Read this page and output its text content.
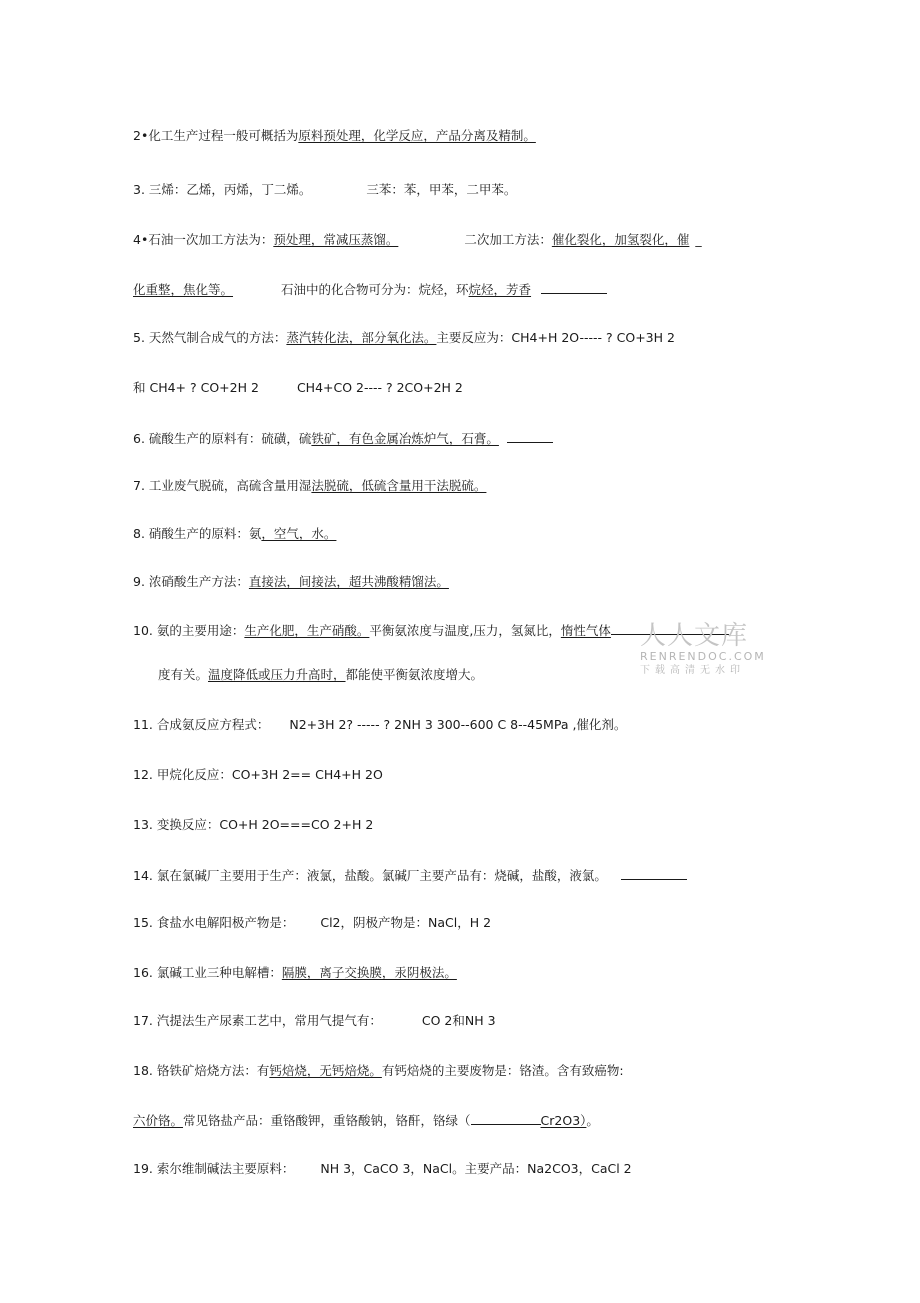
2•化工生产过程一般可概括为原料预处理，化学反应，产品分离及精制。
3. 三烯：乙烯，丙烯，丁二烯。	三苯：苯，甲苯，二甲苯。
4•石油一次加工方法为：预处理，常减压蒸馏。	二次加工方法：催化裂化，加氢裂化，催 _
化重整，焦化等。	石油中的化合物可分为：烷烃，环烷烃，芳香
5. 天然气制合成气的方法：蒸汽转化法，部分氧化法。主要反应为：CH4+H 2O----- ? CO+3H 2
和 CH4+ ? CO+2H 2	CH4+CO 2---- ? 2CO+2H 2
6. 硫酸生产的原料有：硫磺，硫铁矿，有色金属冶炼炉气，石膏。
7. 工业废气脱硫，高硫含量用湿法脱硫，低硫含量用干法脱硫。
8. 硝酸生产的原料：氨，空气，水。
9. 浓硝酸生产方法：直接法，间接法，超共沸酸精馏法。
10. 氨的主要用途：生产化肥，生产硝酸。平衡氨浓度与温度,压力，氢氮比，惰性气体
度有关。温度降低或压力升高时，都能使平衡氨浓度增大。
11. 合成氨反应方程式： N2+3H 2? ----- ? 2NH 3 300--600 C 8--45MPa ,催化剂。
12. 甲烷化反应：CO+3H 2== CH4+H 2O
13. 变换反应：CO+H 2O===CO 2+H 2
14. 氯在氯碱厂主要用于生产：液氯，盐酸。氯碱厂主要产品有：烧碱，盐酸，液氯。
15. 食盐水电解阳极产物是： Cl2，阴极产物是：NaCl，H 2
16. 氯碱工业三种电解槽：隔膜，离子交换膜，汞阴极法。
17. 汽提法生产尿素工艺中，常用气提气有：	CO 2和NH 3
18. 铬铁矿焙烧方法：有钙焙烧，无钙焙烧。有钙焙烧的主要废物是：铬渣。含有致癌物:
六价铬。常见铬盐产品：重铬酸钾，重铬酸钠，铬酐，铬绿（	Cr2O3）。
19. 索尔维制碱法主要原料： NH 3，CaCO 3，NaCl。主要产品：Na2CO3，CaCl 2
人人文库
RENRENDOC.COM
下载高清无水印
